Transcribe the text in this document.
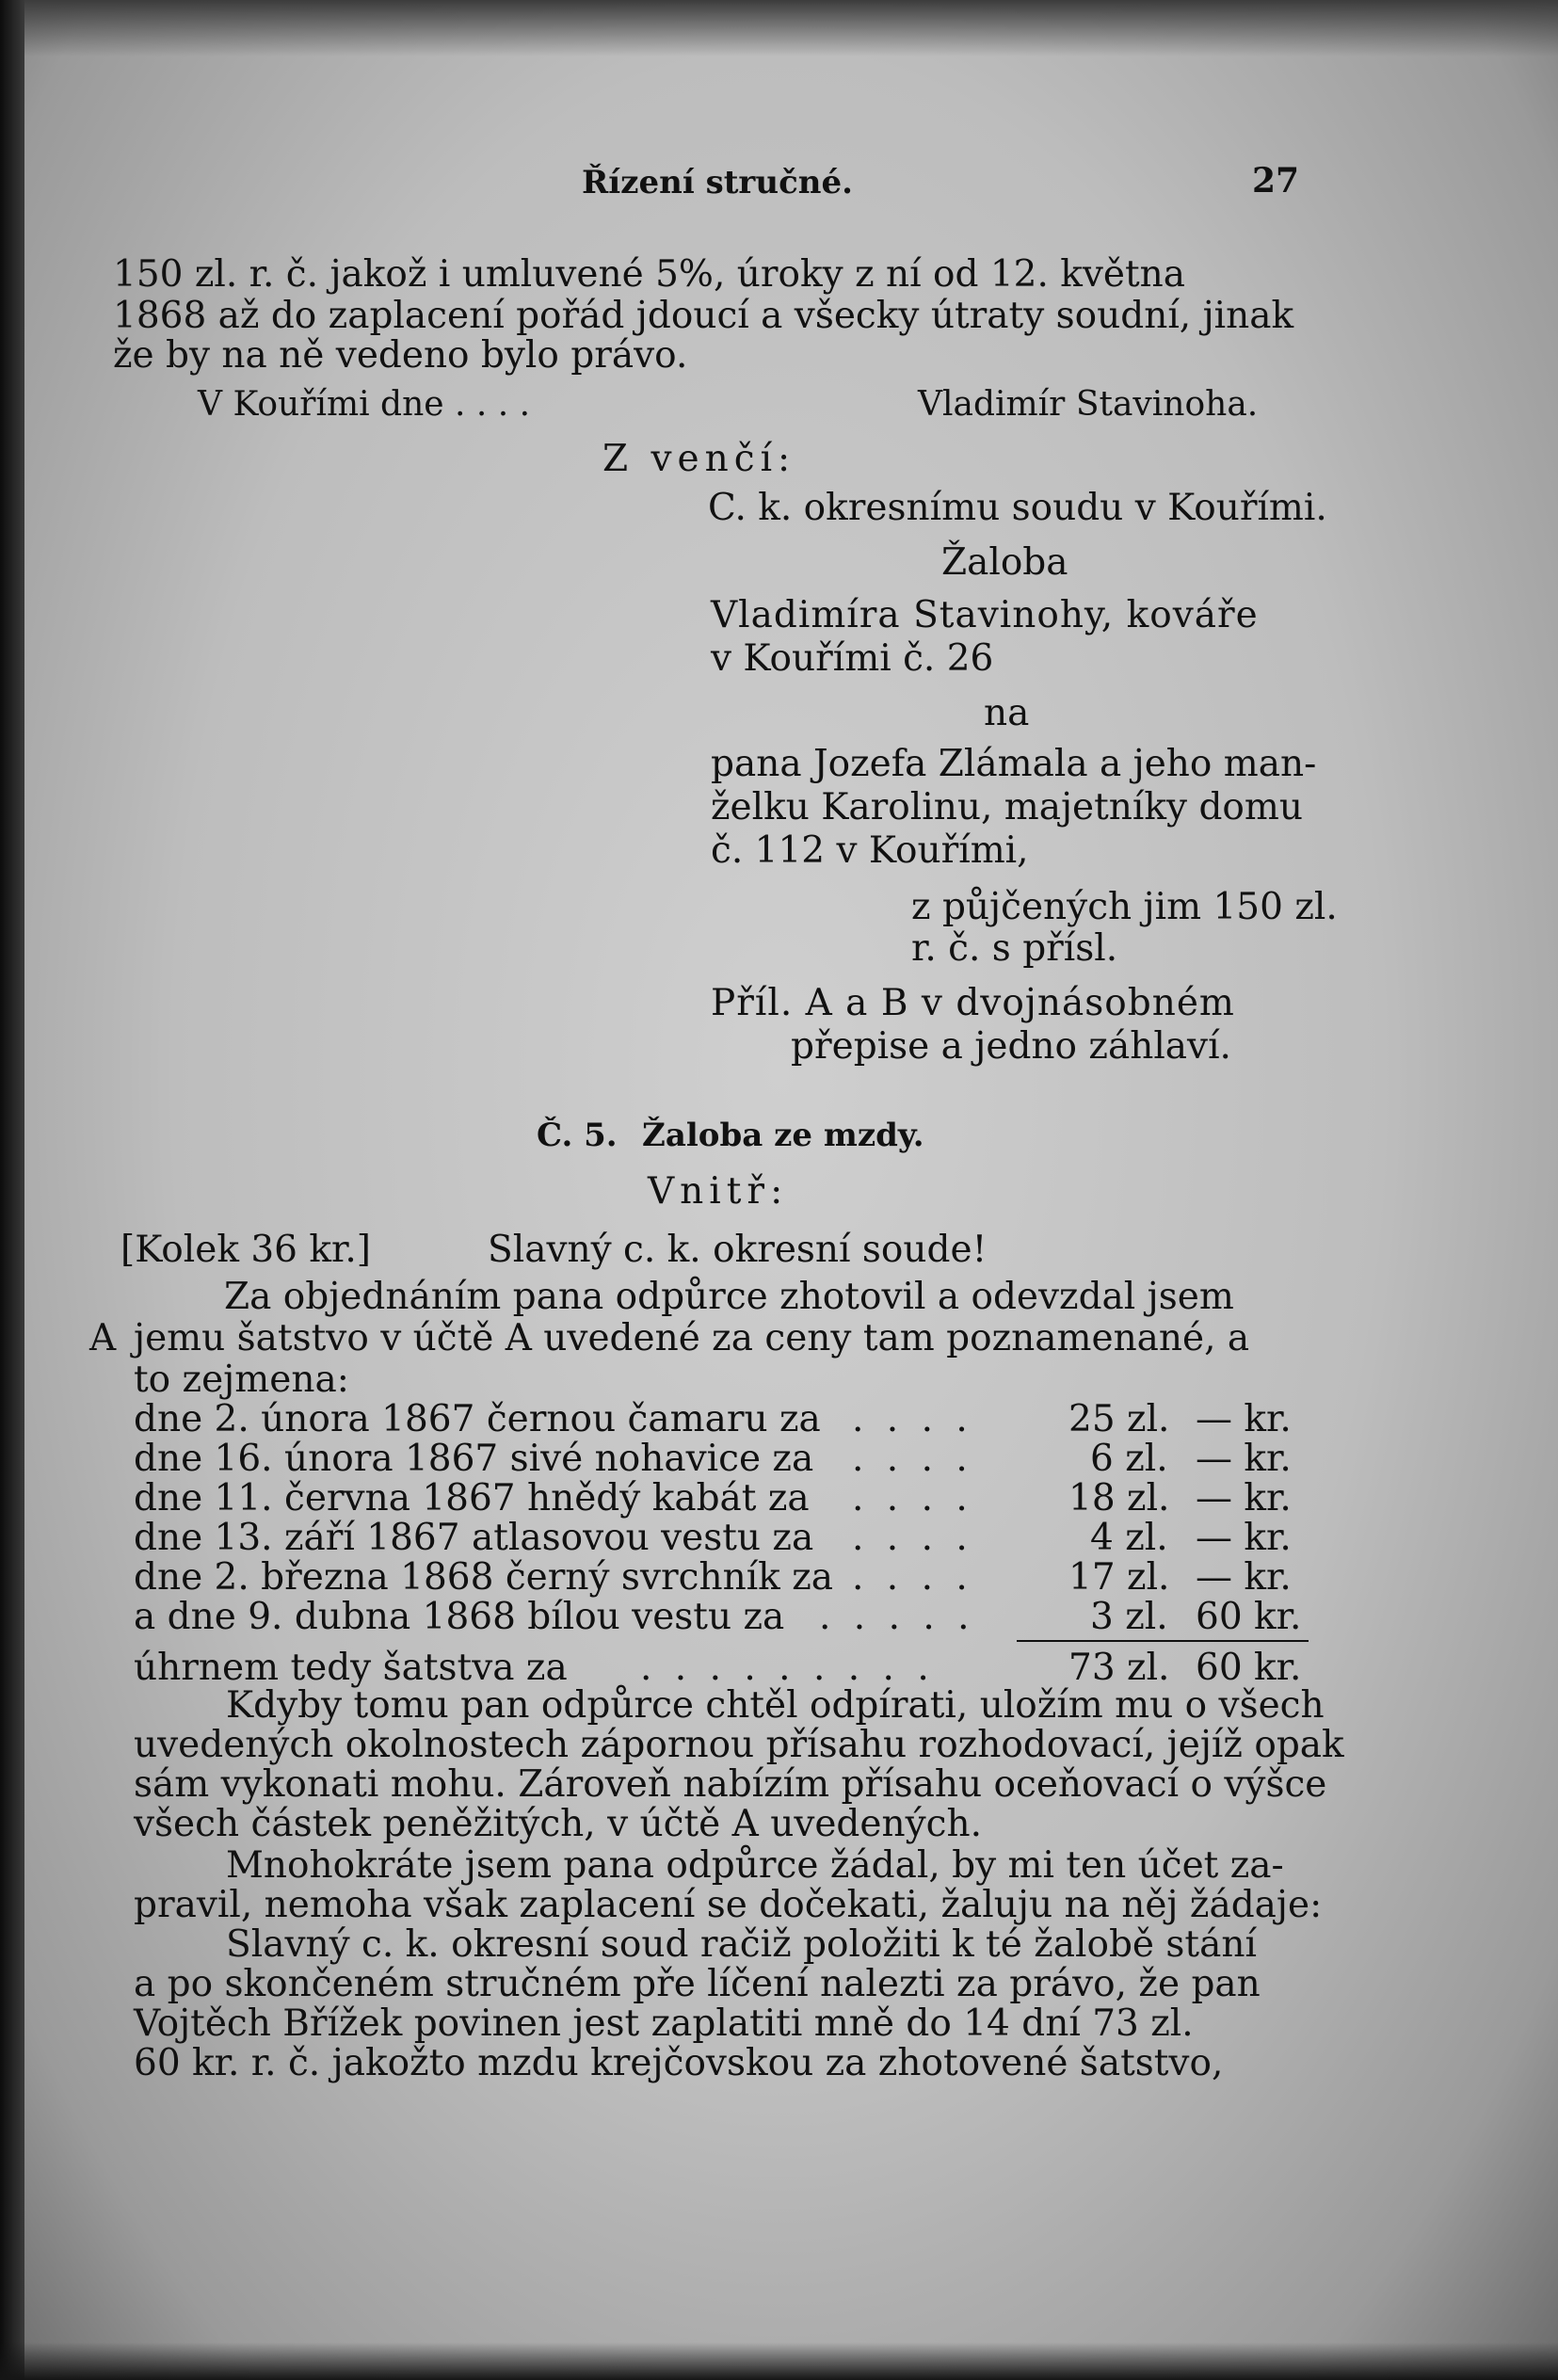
Řízení stručné.	27
150 zl. r. č. jakož i umluvené 5%, úroky z ní od 12. května
1868 až do zaplacení pořád jdoucí a všecky útraty soudní, jinak
že by na ně vedeno bylo právo.
V Kouřími dne . . . .	Vladimír Stavinoha.
Z venčí:
C. k. okresnímu soudu v Kouřími.
Žaloba
Vladimíra Stavinohy, kováře
v Kouřími č. 26
na
pana Jozefa Zlámala a jeho man-
želku Karolinu, majetníky domu
č. 112 v Kouřími,
z půjčených jim 150 zl.
r. č. s přísl.
Příl. A a B v dvojnásobném
přepise a jedno záhlaví.
Č. 5. Žaloba ze mzdy.
Vnitř:
[Kolek 36 kr.]	Slavný c. k. okresní soude!
Za objednáním pana odpůrce zhotovil a odevzdal jsem
A jemu šatstvo v účtě A uvedené za ceny tam poznamenané, a
to zejmena:
dne 2. února 1867 černou čamaru za . . . .	25 zl. — kr.
dne 16. února 1867 sivé nohavice za . . . .	6 zl. — kr.
dne 11. června 1867 hnědý kabát za . . . .	18 zl. — kr.
dne 13. září 1867 atlasovou vestu za . . . .	4 zl. — kr.
dne 2. března 1868 černý svrchník za . . . .	17 zl. — kr.
a dne 9. dubna 1868 bílou vestu za . . . . .	3 zl. 60 kr.
úhrnem tedy šatstva za . . . . . . . . .	73 zl. 60 kr.
Kdyby tomu pan odpůrce chtěl odpírati, uložím mu o všech
uvedených okolnostech zápornou přísahu rozhodovací, jejíž opak
sám vykonati mohu. Zároveň nabízím přísahu oceňovací o výšce
všech částek peněžitých, v účtě A uvedených.
Mnohokráte jsem pana odpůrce žádal, by mi ten účet za-
pravil, nemoha však zaplacení se dočekati, žaluju na něj žádaje:
Slavný c. k. okresní soud račiž položiti k té žalobě stání
a po skončeném stručném pře líčení nalezti za právo, že pan
Vojtěch Břížek povinen jest zaplatiti mně do 14 dní 73 zl.
60 kr. r. č. jakožto mzdu krejčovskou za zhotovené šatstvo,
